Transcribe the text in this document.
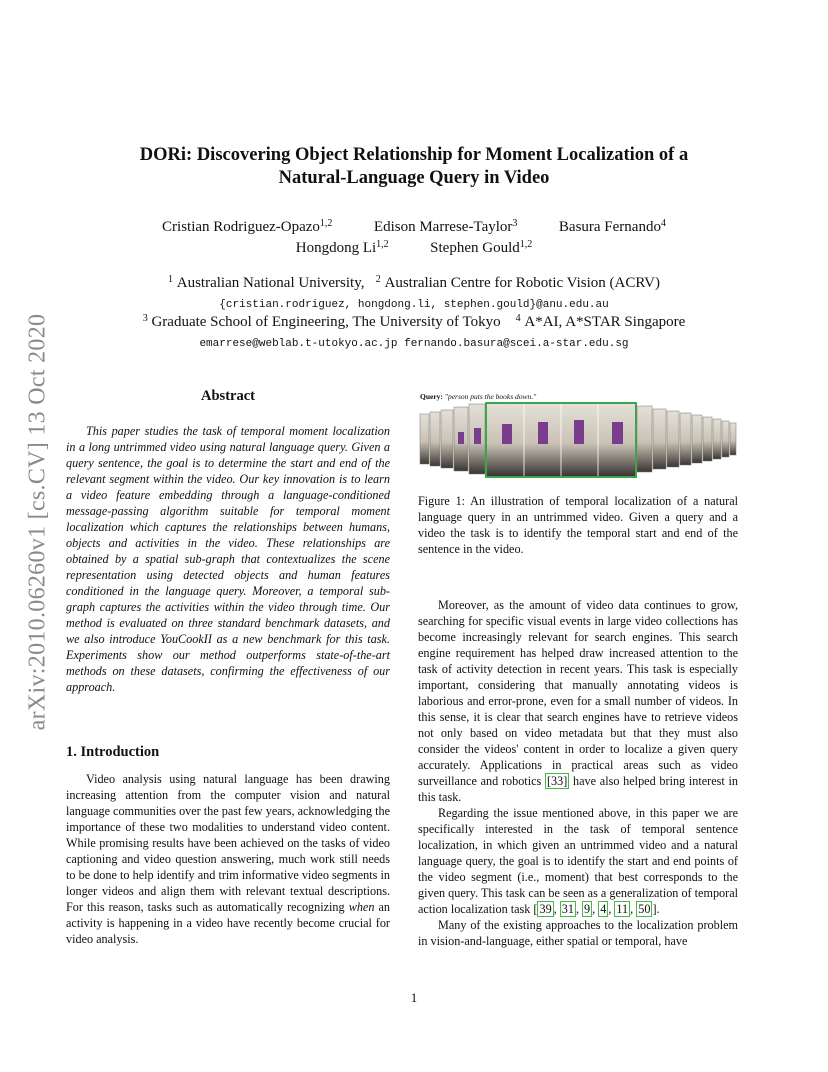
arXiv:2010.06260v1 [cs.CV] 13 Oct 2020
DORi: Discovering Object Relationship for Moment Localization of a
Natural-Language Query in Video
Cristian Rodriguez-Opazo$^{1,2}$	Edison Marrese-Taylor$^3$	Basura Fernando$^4$
Hongdong Li$^{1,2}$	Stephen Gould$^{1,2}$
$^1$ Australian National University, $^2$ Australian Centre for Robotic Vision (ACRV)
{cristian.rodriguez, hongdong.li, stephen.gould}@anu.edu.au
$^3$ Graduate School of Engineering, The University of Tokyo $^4$ A*AI, A*STAR Singapore
emarrese@weblab.t-utokyo.ac.jp fernando.basura@scei.a-star.edu.sg
Abstract

This paper studies the task of temporal moment localization in a long untrimmed video using natural language query. Given a query sentence, the goal is to determine the start and end of the relevant segment within the video. Our key innovation is to learn a video feature embedding through a language-conditioned message-passing algorithm suitable for temporal moment localization which captures the relationships between humans, objects and activities in the video. These relationships are obtained by a spatial sub-graph that contextualizes the scene representation using detected objects and human features conditioned in the language query. Moreover, a temporal sub-graph captures the activities within the video through time. Our method is evaluated on three standard benchmark datasets, and we also introduce YouCookII as a new benchmark for this task. Experiments show our method outperforms state-of-the-art methods on these datasets, confirming the effectiveness of our approach.

1. Introduction

Video analysis using natural language has been drawing increasing attention from the computer vision and natural language communities over the past few years, acknowledging the importance of these two modalities to understand video content. While promising results have been achieved on the tasks of video captioning and video question answering, much work still needs to be done to help identify and trim informative video segments in longer videos and align them with relevant textual descriptions. For this reason, tasks such as automatically recognizing when an activity is happening in a video have recently become crucial for video analysis.

Query: "person puts the books down."

Figure 1: An illustration of temporal localization of a natural language query in an untrimmed video. Given a query and a video the task is to identify the temporal start and end of the sentence in the video.

Moreover, as the amount of video data continues to grow, searching for specific visual events in large video collections has become increasingly relevant for search engines. This search engine requirement has helped draw increased attention to the task of activity detection in recent years. This task is especially important, considering that manually annotating videos is laborious and error-prone, even for a small number of videos. In this sense, it is clear that search engines have to retrieve videos not only based on video metadata but that they must also consider the videos' content in order to localize a given query accurately. Applications in practical areas such as video surveillance and robotics [33] have also helped bring interest in this task.

Regarding the issue mentioned above, in this paper we are specifically interested in the task of temporal sentence localization, in which given an untrimmed video and a natural language query, the goal is to identify the start and end points of the video segment (i.e., moment) that best corresponds to the given query. This task can be seen as a generalization of temporal action localization task [ 39 , 31 , 9 , 4 , 11 , 50 ].

Many of the existing approaches to the localization problem in vision-and-language, either spatial or temporal, have

1
